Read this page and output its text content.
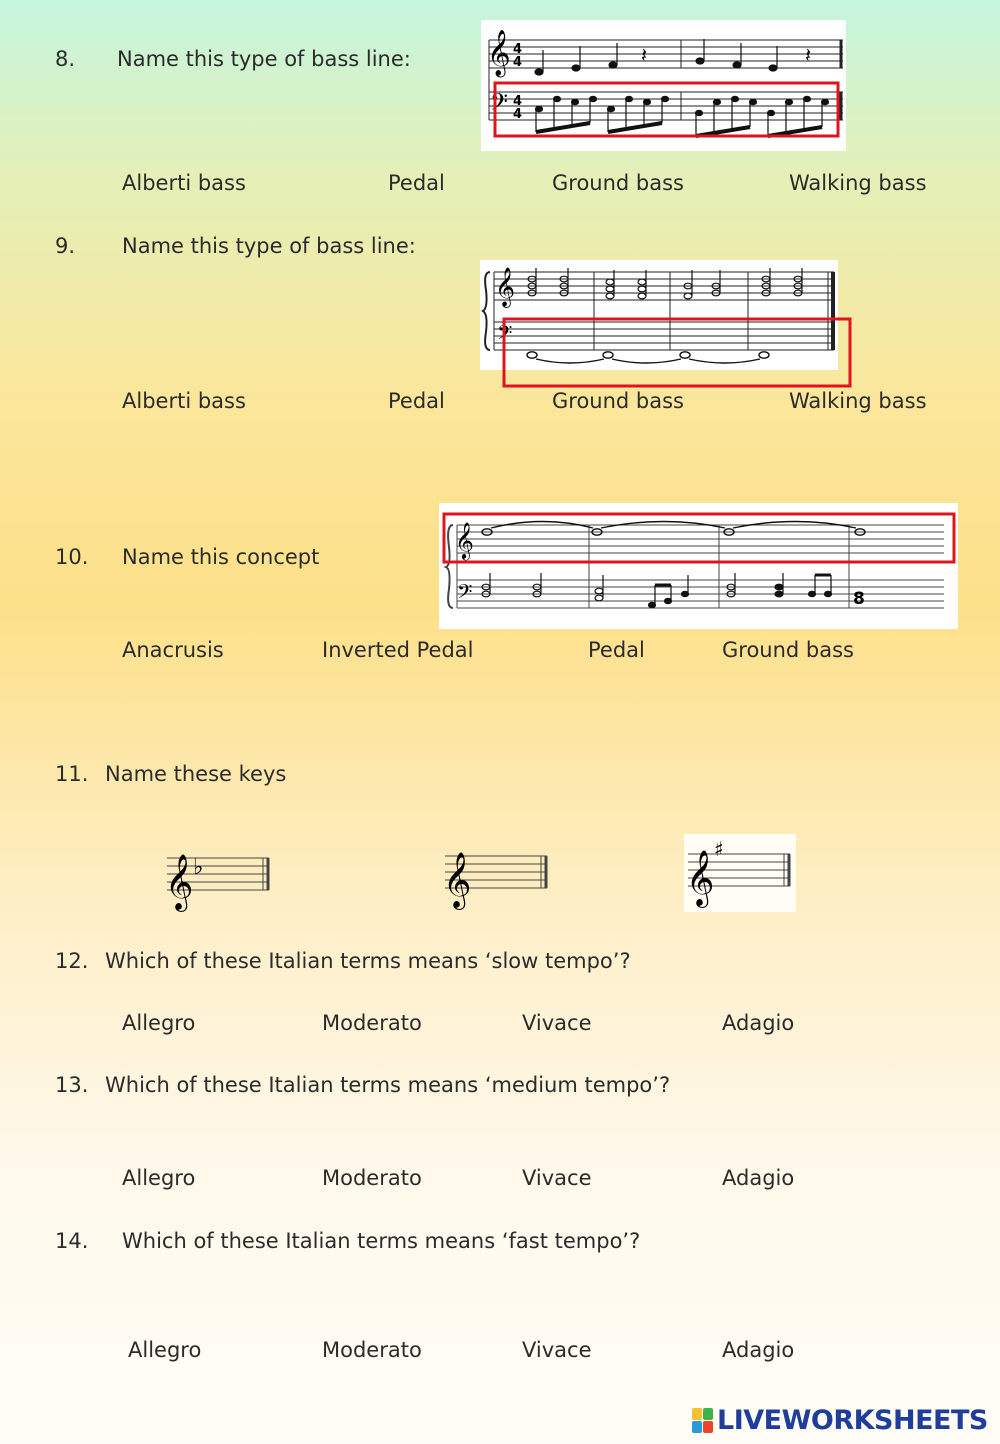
8. Name this type of bass line: 𝄞
𝄢
4
4
4
4
𝄽	𝄽
Alberti bass	Pedal	Ground bass	Walking bass
9. Name this type of bass line:
𝄞
𝄢
Alberti bass	Pedal	Ground bass	Walking bass
10. Name this concept	𝄞
𝄢	8
Anacrusis	Inverted Pedal	Pedal	Ground bass
11. Name these keys
𝄞 ♭	𝄞	𝄞
♯
12. Which of these Italian terms means ‘slow tempo’?
Allegro	Moderato	Vivace	Adagio
13. Which of these Italian terms means ‘medium tempo’?
Allegro	Moderato	Vivace	Adagio
14. Which of these Italian terms means ‘fast tempo’?
Allegro	Moderato	Vivace	Adagio
LIVEWORKSHEETS
